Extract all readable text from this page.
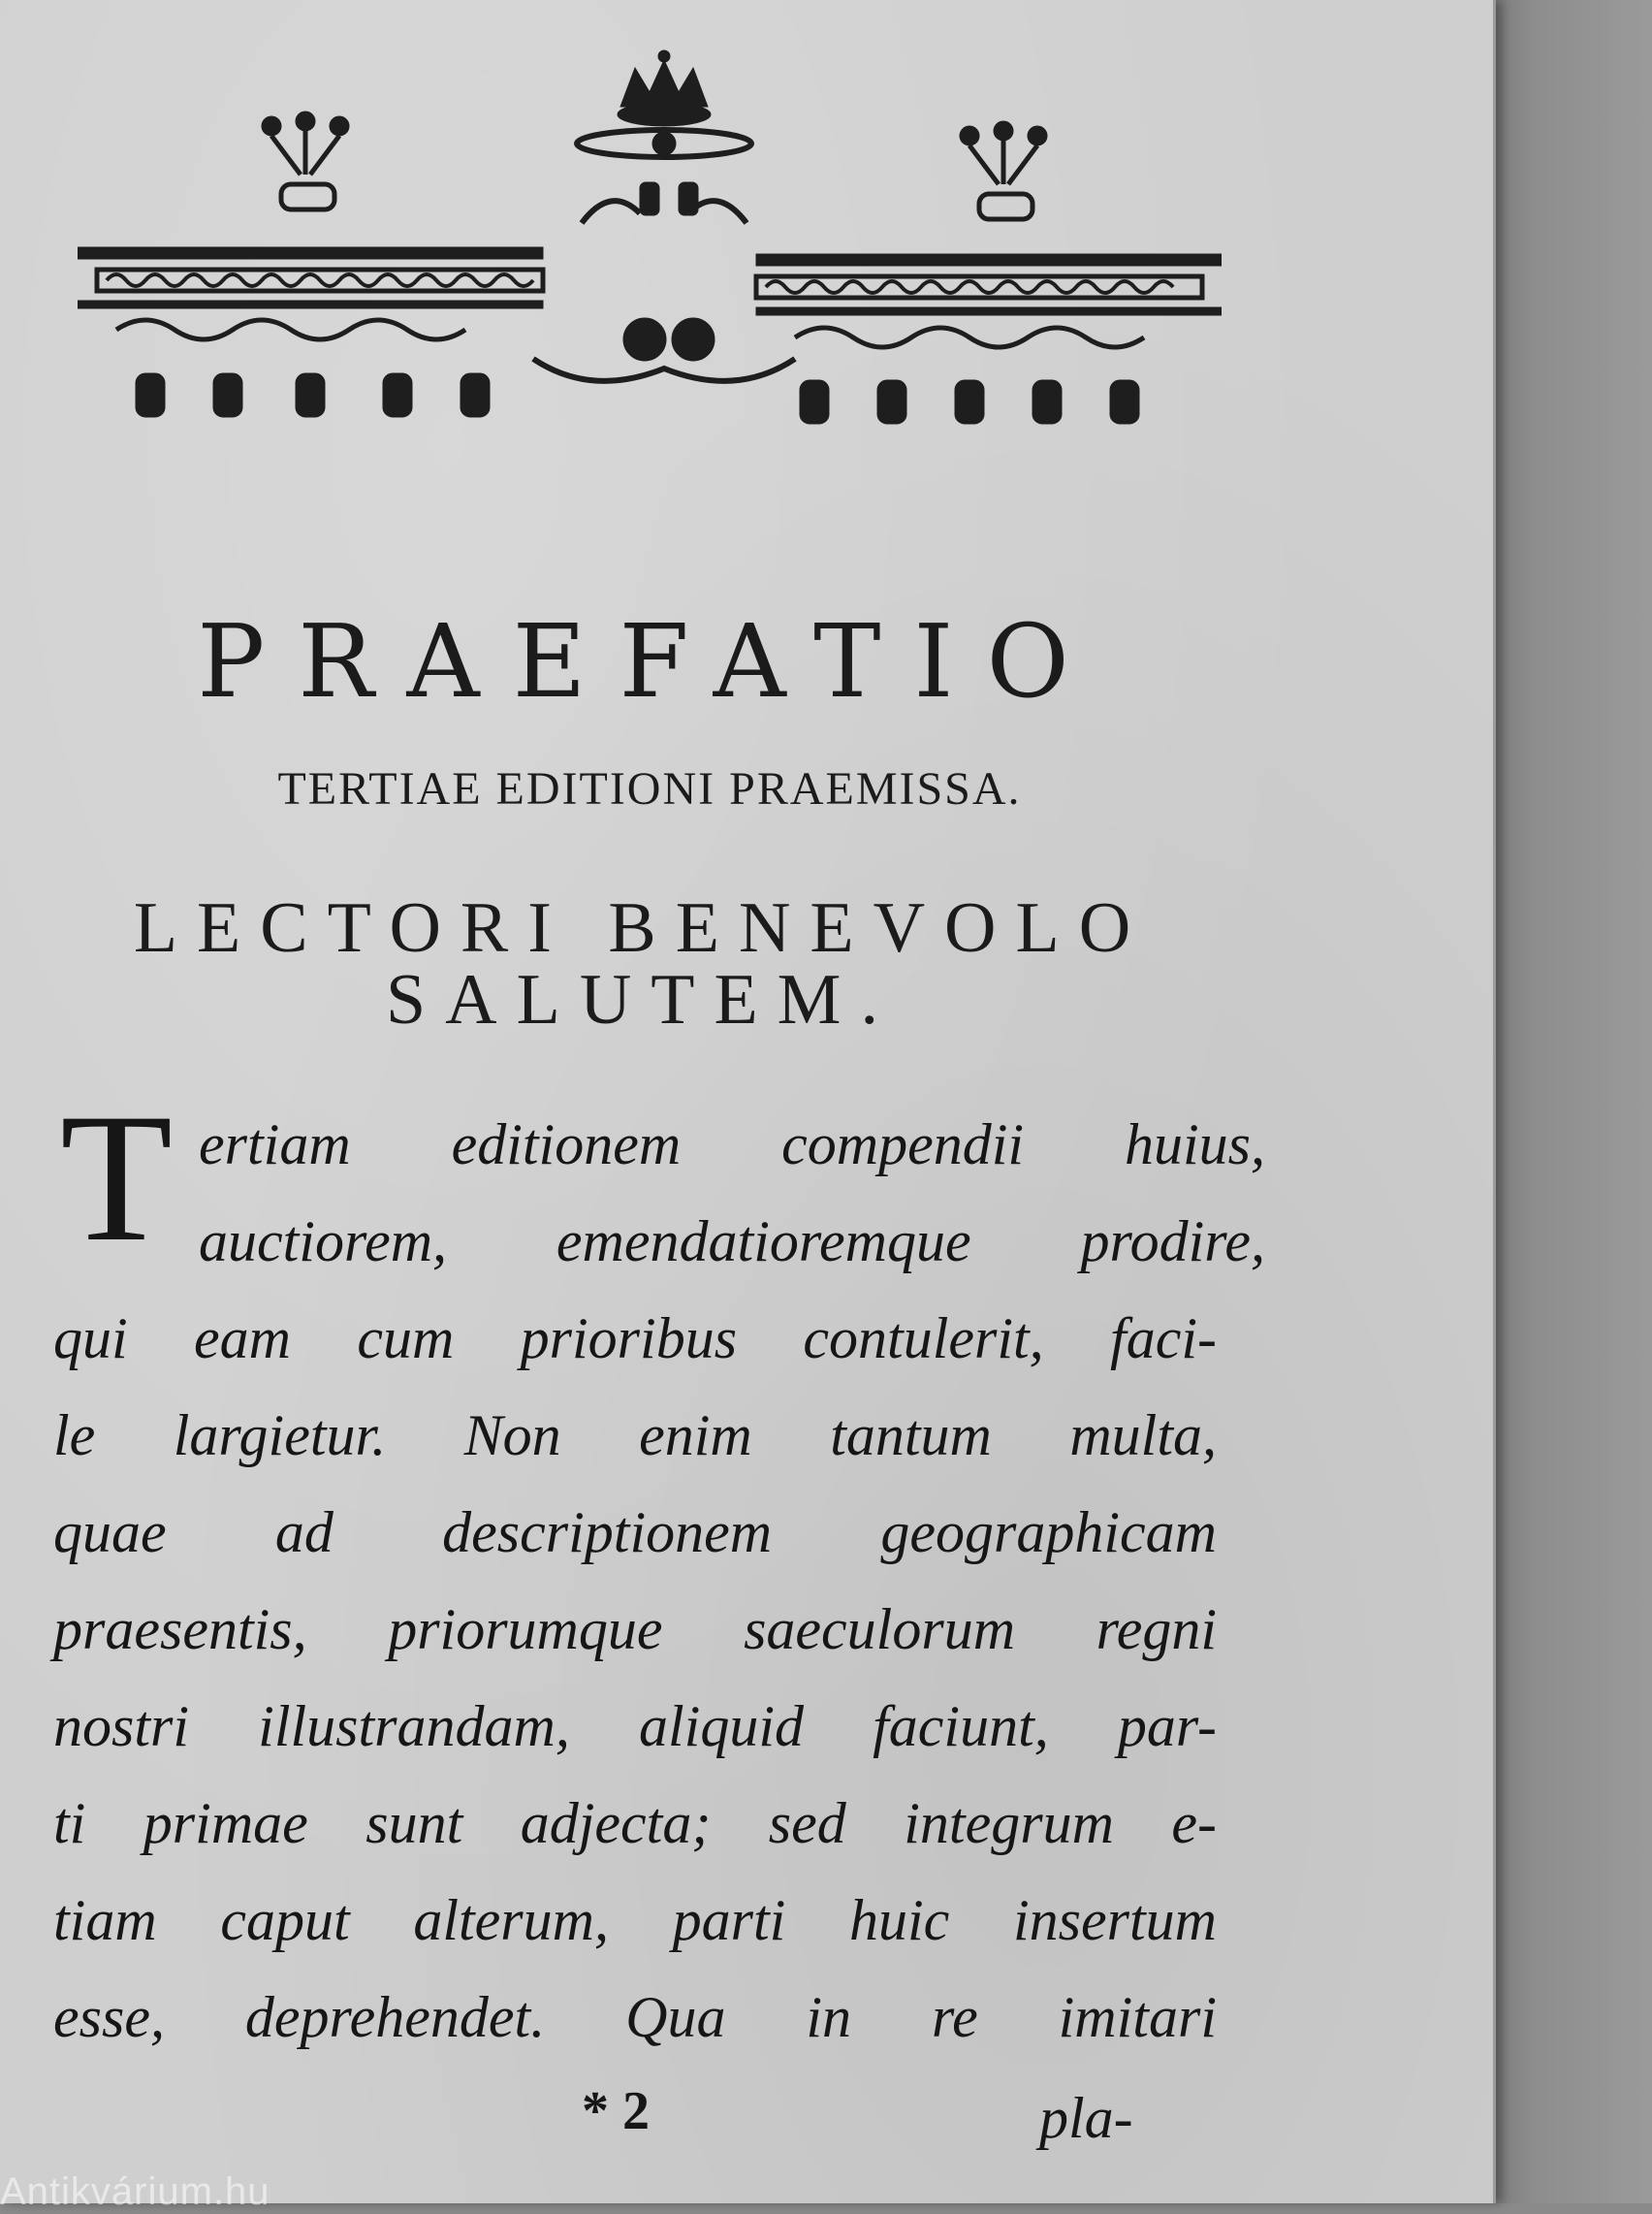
PRAEFATIO
TERTIAE EDITIONI PRAEMISSA.
LECTORI BENEVOLO
SALUTEM.
T ertiam editionem compendii huius,
auctiorem, emendatioremque prodire,
qui eam cum prioribus contulerit, faci-
le largietur. Non enim tantum multa,
quae ad descriptionem geographicam
praesentis, priorumque saeculorum regni
nostri illustrandam, aliquid faciunt, par-
ti primae sunt adjecta; sed integrum e-
tiam caput alterum, parti huic insertum
esse, deprehendet. Qua in re imitari
* 2	pla-
Antikvárium.hu
